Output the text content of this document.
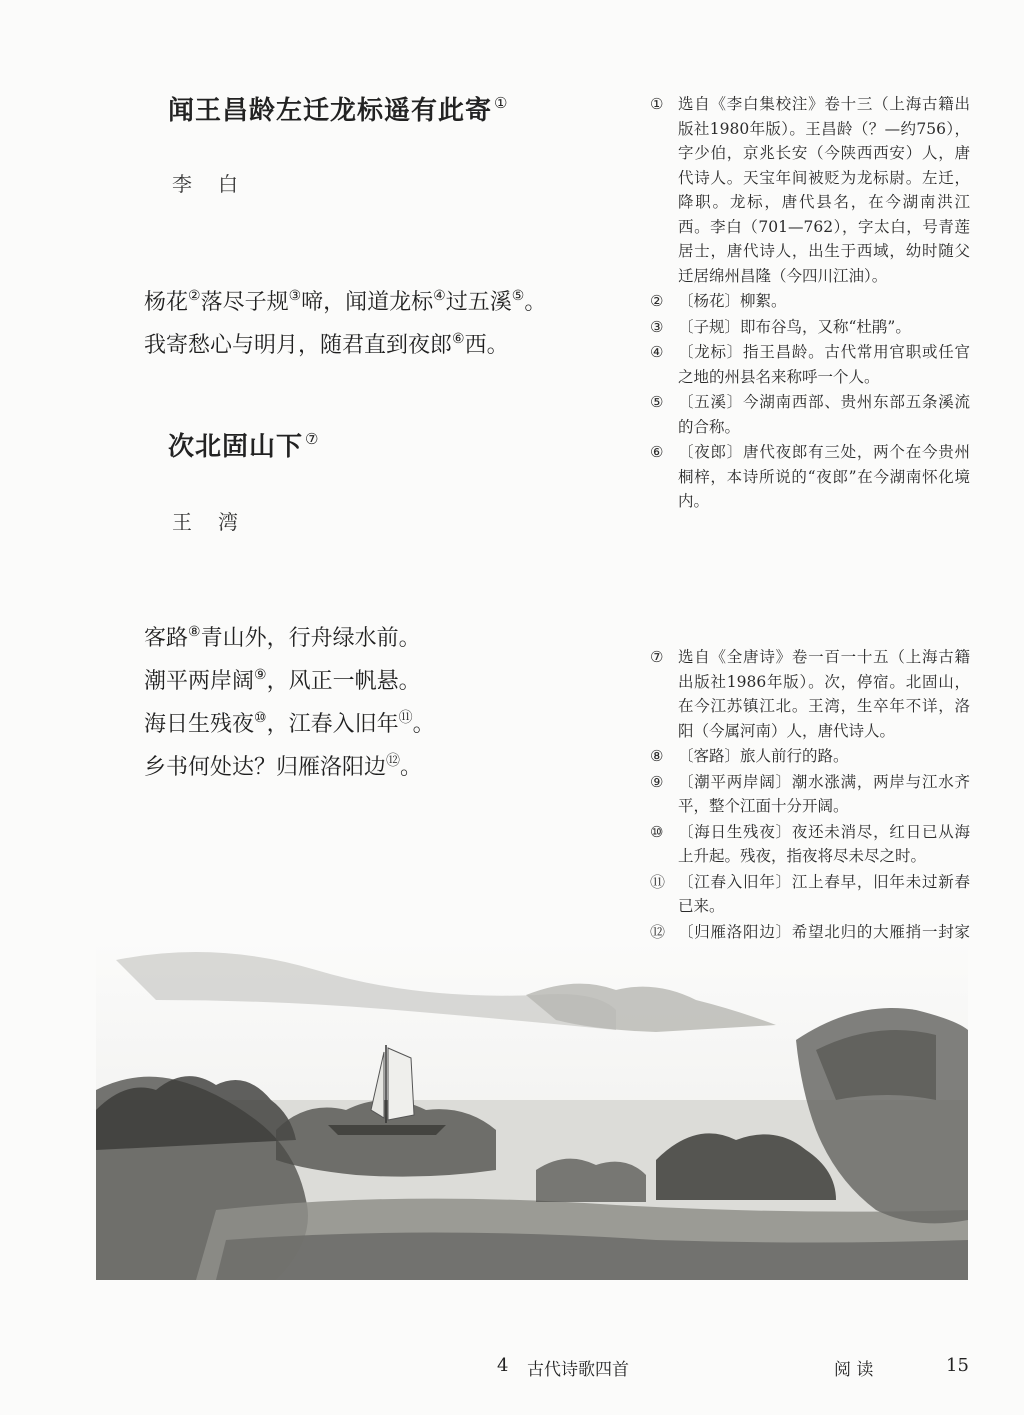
闻王昌龄左迁龙标遥有此寄 ①
李白
杨花②落尽子规③啼，闻道龙标④过五溪⑤。
我寄愁心与明月，随君直到夜郎⑥西。
次北固山下 ⑦
王湾
客路⑧青山外，行舟绿水前。
潮平两岸阔⑨，风正一帆悬。
海日生残夜⑩，江春入旧年⑪。
乡书何处达？归雁洛阳边⑫。
① 选自《李白集校注》卷十三（上海古籍出版社1980年版）。王昌龄（？—约756），字少伯，京兆长安（今陕西西安）人，唐代诗人。天宝年间被贬为龙标尉。左迁，降职。龙标，唐代县名，在今湖南洪江西。李白（701—762），字太白，号青莲居士，唐代诗人，出生于西域，幼时随父迁居绵州昌隆（今四川江油）。
② 〔杨花〕柳絮。
③ 〔子规〕即布谷鸟，又称“杜鹃”。
④ 〔龙标〕指王昌龄。古代常用官职或任官之地的州县名来称呼一个人。
⑤ 〔五溪〕今湖南西部、贵州东部五条溪流的合称。
⑥ 〔夜郎〕唐代夜郎有三处，两个在今贵州桐梓，本诗所说的“夜郎”在今湖南怀化境内。
⑦ 选自《全唐诗》卷一百一十五（上海古籍出版社1986年版）。次，停宿。北固山，在今江苏镇江北。王湾，生卒年不详，洛阳（今属河南）人，唐代诗人。
⑧ 〔客路〕旅人前行的路。
⑨ 〔潮平两岸阔〕潮水涨满，两岸与江水齐平，整个江面十分开阔。
⑩ 〔海日生残夜〕夜还未消尽，红日已从海上升起。残夜，指夜将尽未尽之时。
⑪ 〔江春入旧年〕江上春早，旧年未过新春已来。
⑫ 〔归雁洛阳边〕希望北归的大雁捎一封家
4 古代诗歌四首	阅 读	15
